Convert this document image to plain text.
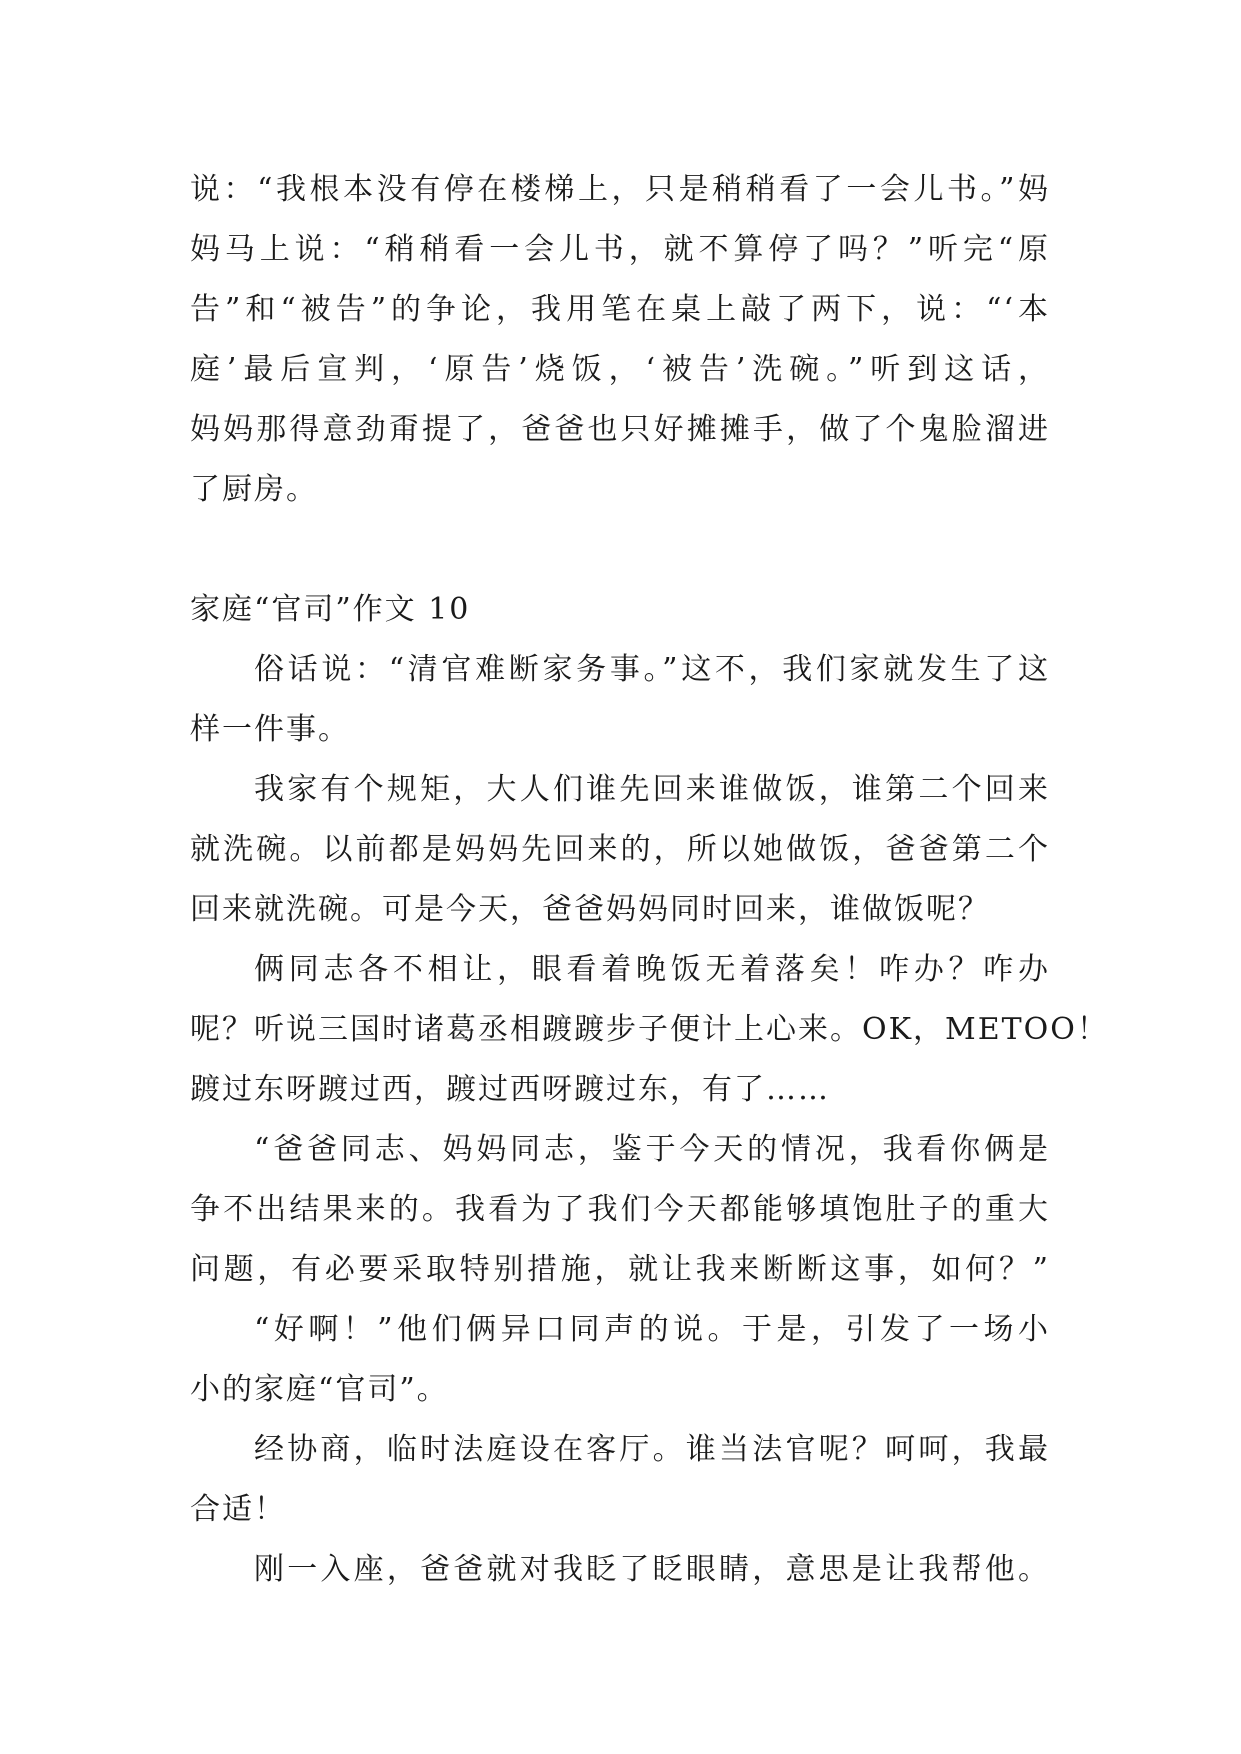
说：“我根本没有停在楼梯上，只是稍稍看了一会儿书。”妈
妈马上说：“稍稍看一会儿书，就不算停了吗？”听完“原
告”和“被告”的争论，我用笔在桌上敲了两下，说：“‘本
庭’最后宣判，‘原告’烧饭，‘被告’洗碗。”听到这话，
妈妈那得意劲甭提了，爸爸也只好摊摊手，做了个鬼脸溜进
了厨房。
家庭“官司”作文 10
俗话说：“清官难断家务事。”这不，我们家就发生了这
样一件事。
我家有个规矩，大人们谁先回来谁做饭，谁第二个回来
就洗碗。以前都是妈妈先回来的，所以她做饭，爸爸第二个
回来就洗碗。可是今天，爸爸妈妈同时回来，谁做饭呢？
俩同志各不相让，眼看着晚饭无着落矣！咋办？咋办
呢？听说三国时诸葛丞相踱踱步子便计上心来。OK，METOO！
踱过东呀踱过西，踱过西呀踱过东，有了……
“爸爸同志、妈妈同志，鉴于今天的情况，我看你俩是
争不出结果来的。我看为了我们今天都能够填饱肚子的重大
问题，有必要采取特别措施，就让我来断断这事，如何？”
“好啊！”他们俩异口同声的说。于是，引发了一场小
小的家庭“官司”。
经协商，临时法庭设在客厅。谁当法官呢？呵呵，我最
合适！
刚一入座，爸爸就对我眨了眨眼睛，意思是让我帮他。
